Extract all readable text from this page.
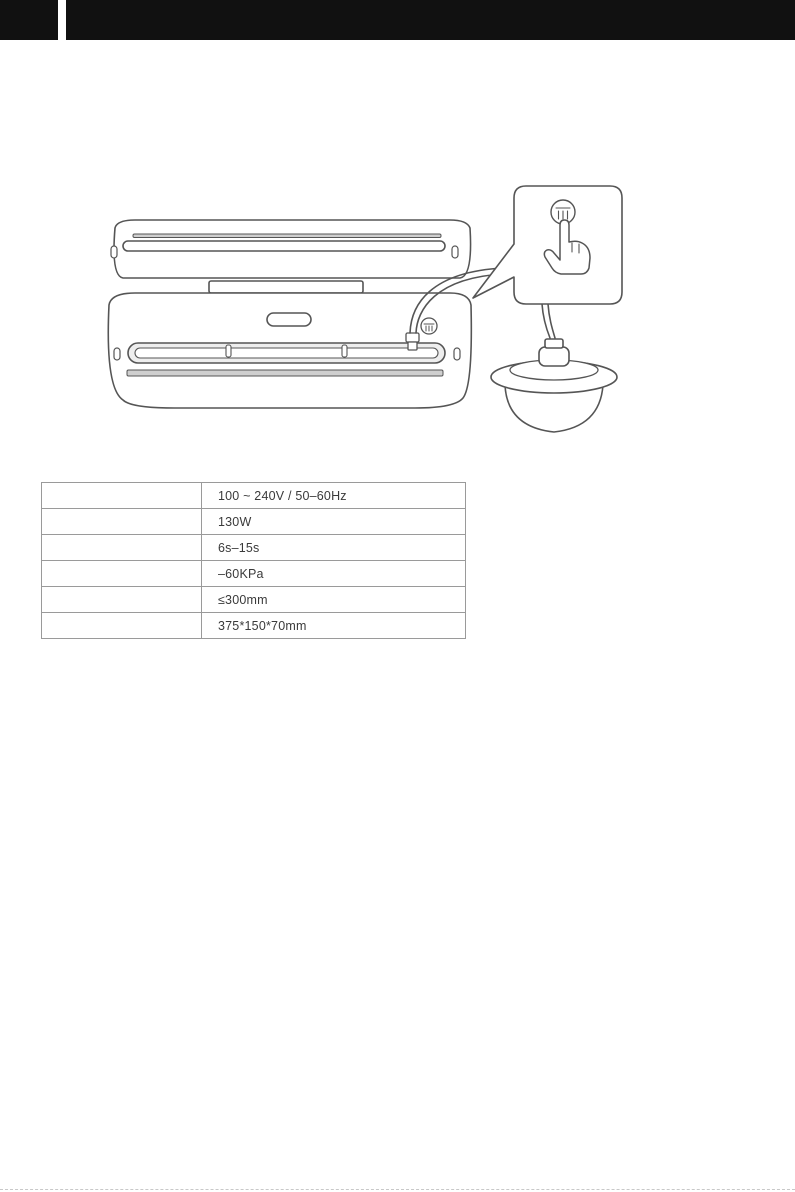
	100 ~ 240V / 50–60Hz
	130W
	6s–15s
	–60KPa
	≤300mm
	375*150*70mm
